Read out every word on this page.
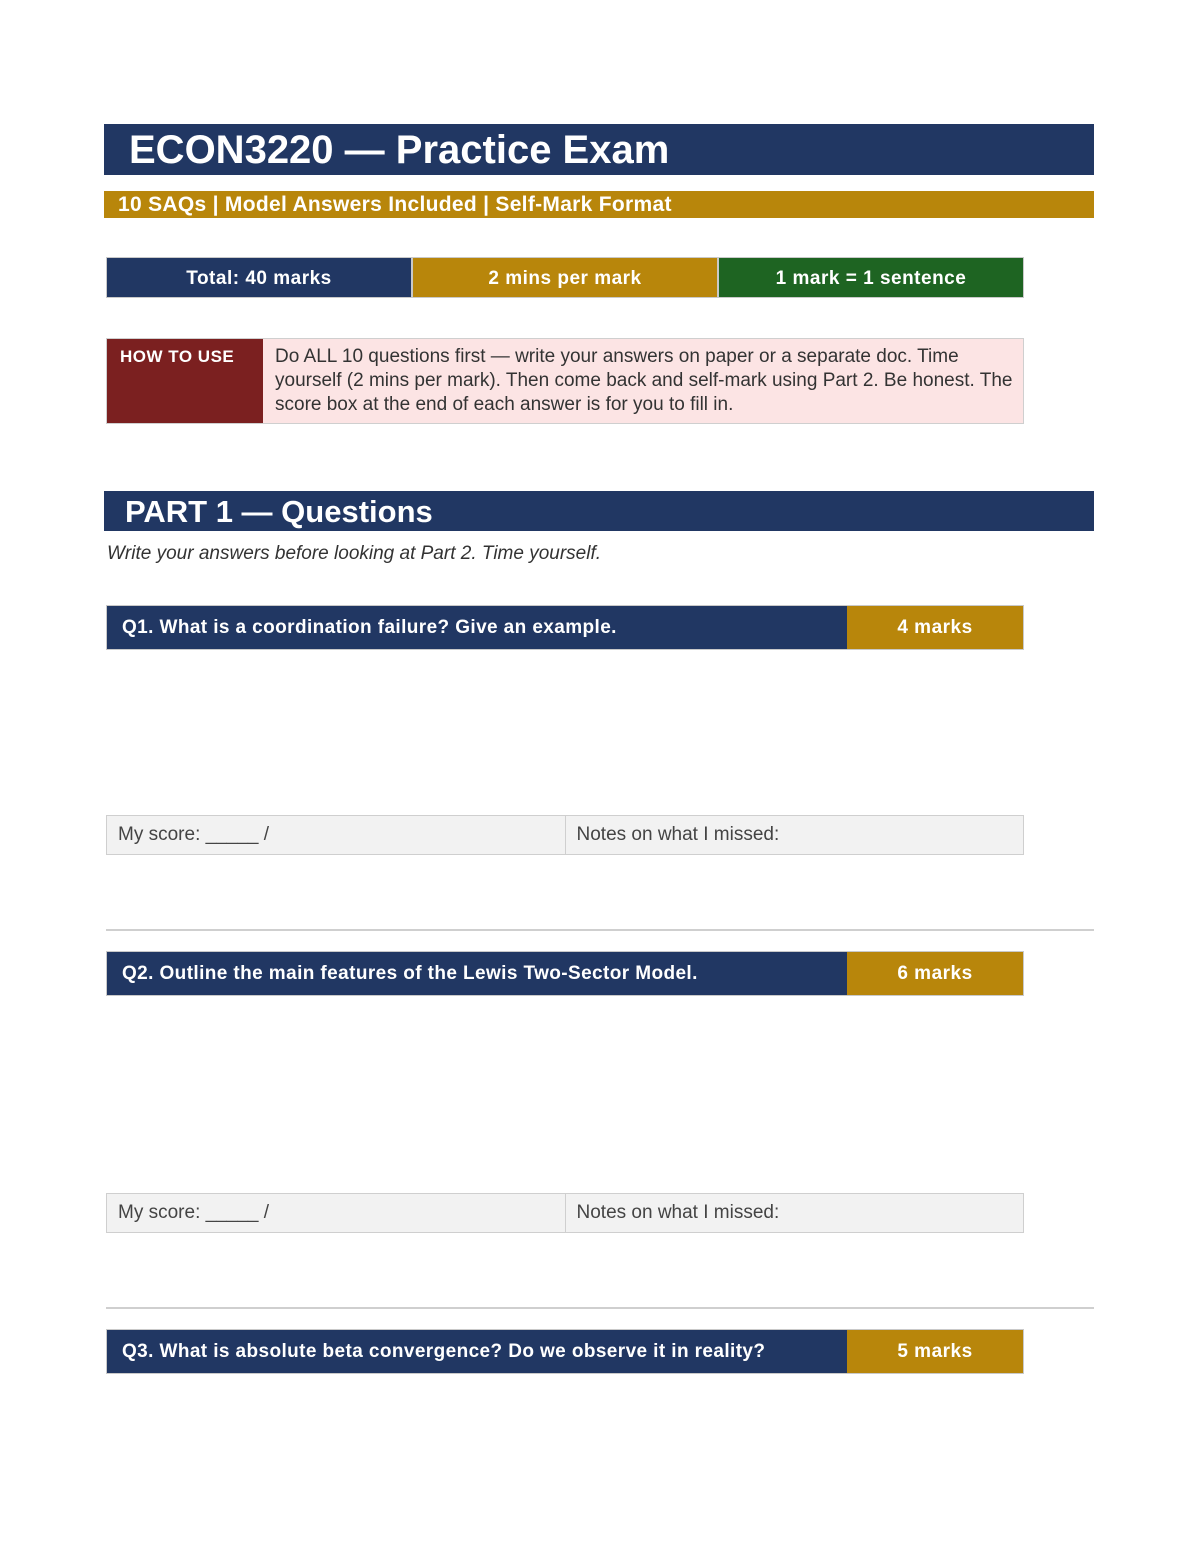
ECON3220 — Practice Exam
10 SAQs | Model Answers Included | Self-Mark Format
Total: 40 marks	2 mins per mark	1 mark = 1 sentence
HOW TO USE	Do ALL 10 questions first — write your answers on paper or a separate doc. Time yourself (2 mins per mark). Then come back and self-mark using Part 2. Be honest. The score box at the end of each answer is for you to fill in.
PART 1 — Questions
Write your answers before looking at Part 2. Time yourself.
Q1. What is a coordination failure? Give an example.	4 marks
My score: _____ /	Notes on what I missed:
Q2. Outline the main features of the Lewis Two-Sector Model.	6 marks
My score: _____ /	Notes on what I missed:
Q3. What is absolute beta convergence? Do we observe it in reality?	5 marks
